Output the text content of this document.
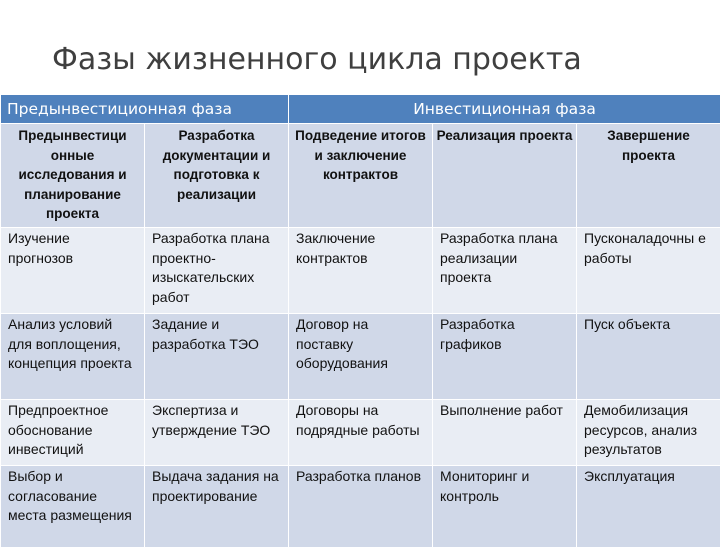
Фазы жизненного цикла проекта
Предынвестиционная фаза		Инвестиционная фаза		
Предынвестици онные исследования и планирование проекта	Разработка документации и подготовка к реализации	Подведение итогов и заключение контрактов	Реализация проекта	Завершение проекта
Изучение прогнозов	Разработка плана проектно-изыскательских работ	Заключение контрактов	Разработка плана реализации проекта	Пусконаладочны е работы
Анализ условий для воплощения, концепция проекта	Задание и разработка ТЭО	Договор на поставку оборудования	Разработка графиков	Пуск объекта
Предпроектное обоснование инвестиций	Экспертиза и утверждение ТЭО	Договоры на подрядные работы	Выполнение работ	Демобилизация ресурсов, анализ результатов
Выбор и согласование места размещения	Выдача задания на проектирование	Разработка планов	Мониторинг и контроль	Эксплуатация
